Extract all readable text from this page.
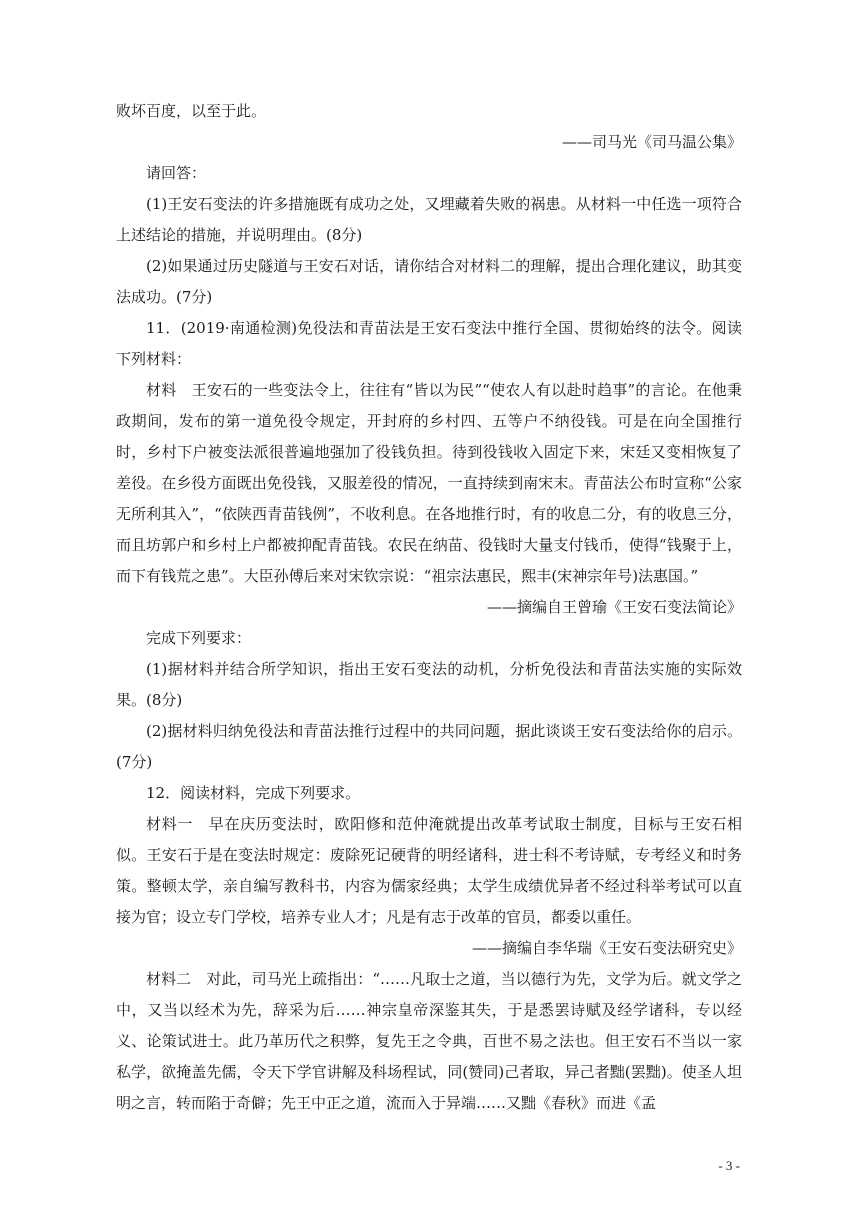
败坏百度，以至于此。

——司马光《司马温公集》

请回答：

(1)王安石变法的许多措施既有成功之处，又埋藏着失败的祸患。从材料一中任选一项符合上述结论的措施，并说明理由。(8分)

(2)如果通过历史隧道与王安石对话，请你结合对材料二的理解，提出合理化建议，助其变法成功。(7分)

11．(2019·南通检测)免役法和青苗法是王安石变法中推行全国、贯彻始终的法令。阅读下列材料：

材料　王安石的一些变法令上，往往有“皆以为民”“使农人有以赴时趋事”的言论。在他秉政期间，发布的第一道免役令规定，开封府的乡村四、五等户不纳役钱。可是在向全国推行时，乡村下户被变法派很普遍地强加了役钱负担。待到役钱收入固定下来，宋廷又变相恢复了差役。在乡役方面既出免役钱，又服差役的情况，一直持续到南宋末。青苗法公布时宣称“公家无所利其入”，“依陕西青苗钱例”，不收利息。在各地推行时，有的收息二分，有的收息三分，而且坊郭户和乡村上户都被抑配青苗钱。农民在纳苗、役钱时大量支付钱币，使得“钱聚于上，而下有钱荒之患”。大臣孙傅后来对宋钦宗说：“祖宗法惠民，熙丰(宋神宗年号)法惠国。”

——摘编自王曾瑜《王安石变法简论》

完成下列要求：

(1)据材料并结合所学知识，指出王安石变法的动机，分析免役法和青苗法实施的实际效果。(8分)

(2)据材料归纳免役法和青苗法推行过程中的共同问题，据此谈谈王安石变法给你的启示。(7分)

12．阅读材料，完成下列要求。

材料一　早在庆历变法时，欧阳修和范仲淹就提出改革考试取士制度，目标与王安石相似。王安石于是在变法时规定：废除死记硬背的明经诸科，进士科不考诗赋，专考经义和时务策。整顿太学，亲自编写教科书，内容为儒家经典；太学生成绩优异者不经过科举考试可以直接为官；设立专门学校，培养专业人才；凡是有志于改革的官员，都委以重任。

——摘编自李华瑞《王安石变法研究史》

材料二　对此，司马光上疏指出：“……凡取士之道，当以德行为先，文学为后。就文学之中，又当以经术为先，辞采为后……神宗皇帝深鉴其失，于是悉罢诗赋及经学诸科，专以经义、论策试进士。此乃革历代之积弊，复先王之令典，百世不易之法也。但王安石不当以一家私学，欲掩盖先儒，令天下学官讲解及科场程试，同(赞同)己者取，异己者黜(罢黜)。使圣人坦明之言，转而陷于奇僻；先王中正之道，流而入于异端……又黜《春秋》而进《孟

- 3 -
